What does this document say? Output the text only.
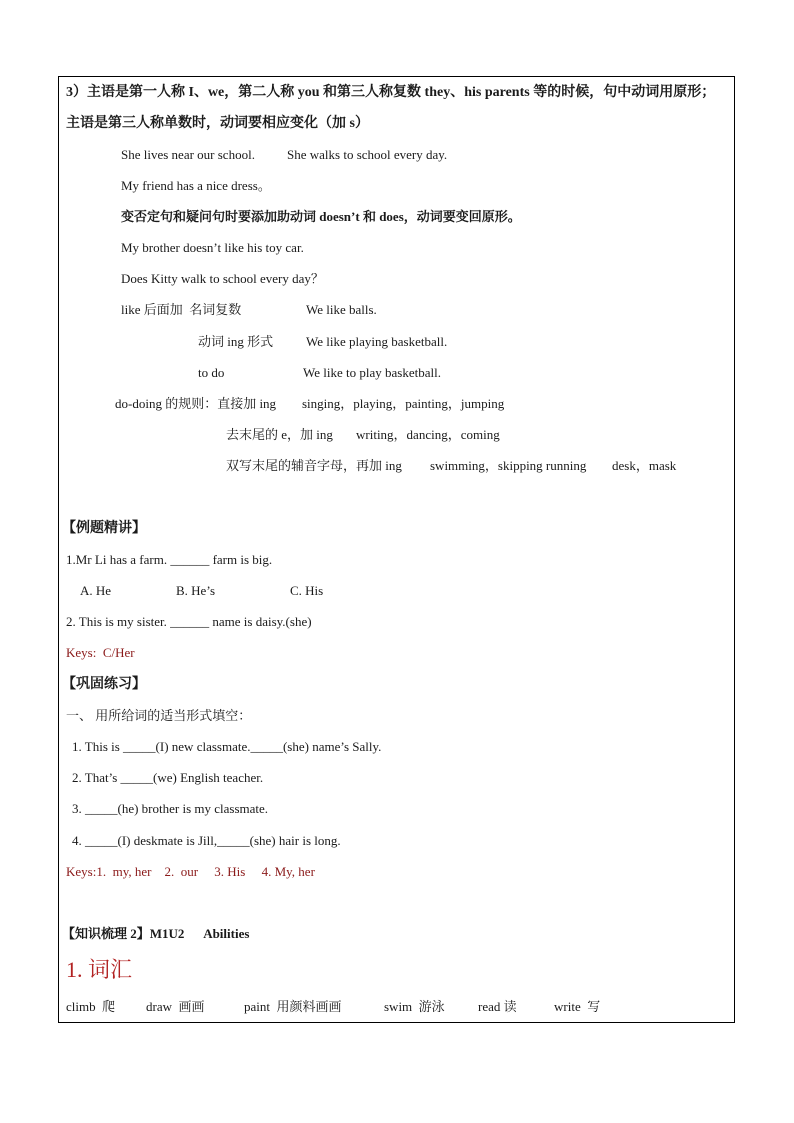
3）主语是第一人称 I、we，第二人称 you 和第三人称复数 they、his parents 等的时候，句中动词用原形；
主语是第三人称单数时，动词要相应变化（加 s）
She lives near our school. She walks to school every day.
My friend has a nice dress。
变否定句和疑问句时要添加助动词 doesn’t 和 does，动词要变回原形。
My brother doesn’t like his toy car.
Does Kitty walk to school every day？
like 后面加  名词复数	We like balls.
动词 ing 形式	We like playing basketball.
to do	We like to play basketball.
do-doing 的规则：直接加 ing singing，playing，painting，jumping
去末尾的 e，加 ing writing，dancing，coming
双写末尾的辅音字母，再加 ing swimming，skipping running desk，mask
【例题精讲】
1.Mr Li has a farm. ______ farm is big.
A. He	B. He’s	C. His
2. This is my sister. ______ name is daisy.(she)
Keys:  C/Her
【巩固练习】
一、 用所给词的适当形式填空：
1. This is _____(I) new classmate._____(she) name’s Sally.
2. That’s _____(we) English teacher.
3. _____(he) brother is my classmate.
4. _____(I) deskmate is Jill,_____(she) hair is long.
Keys:1.  my, her    2.  our     3. His     4. My, her
【知识梳理 2】M1U2      Abilities
1. 词汇
climb  爬 draw  画画	paint  用颜料画画	swim  游泳	read 读	write  写
